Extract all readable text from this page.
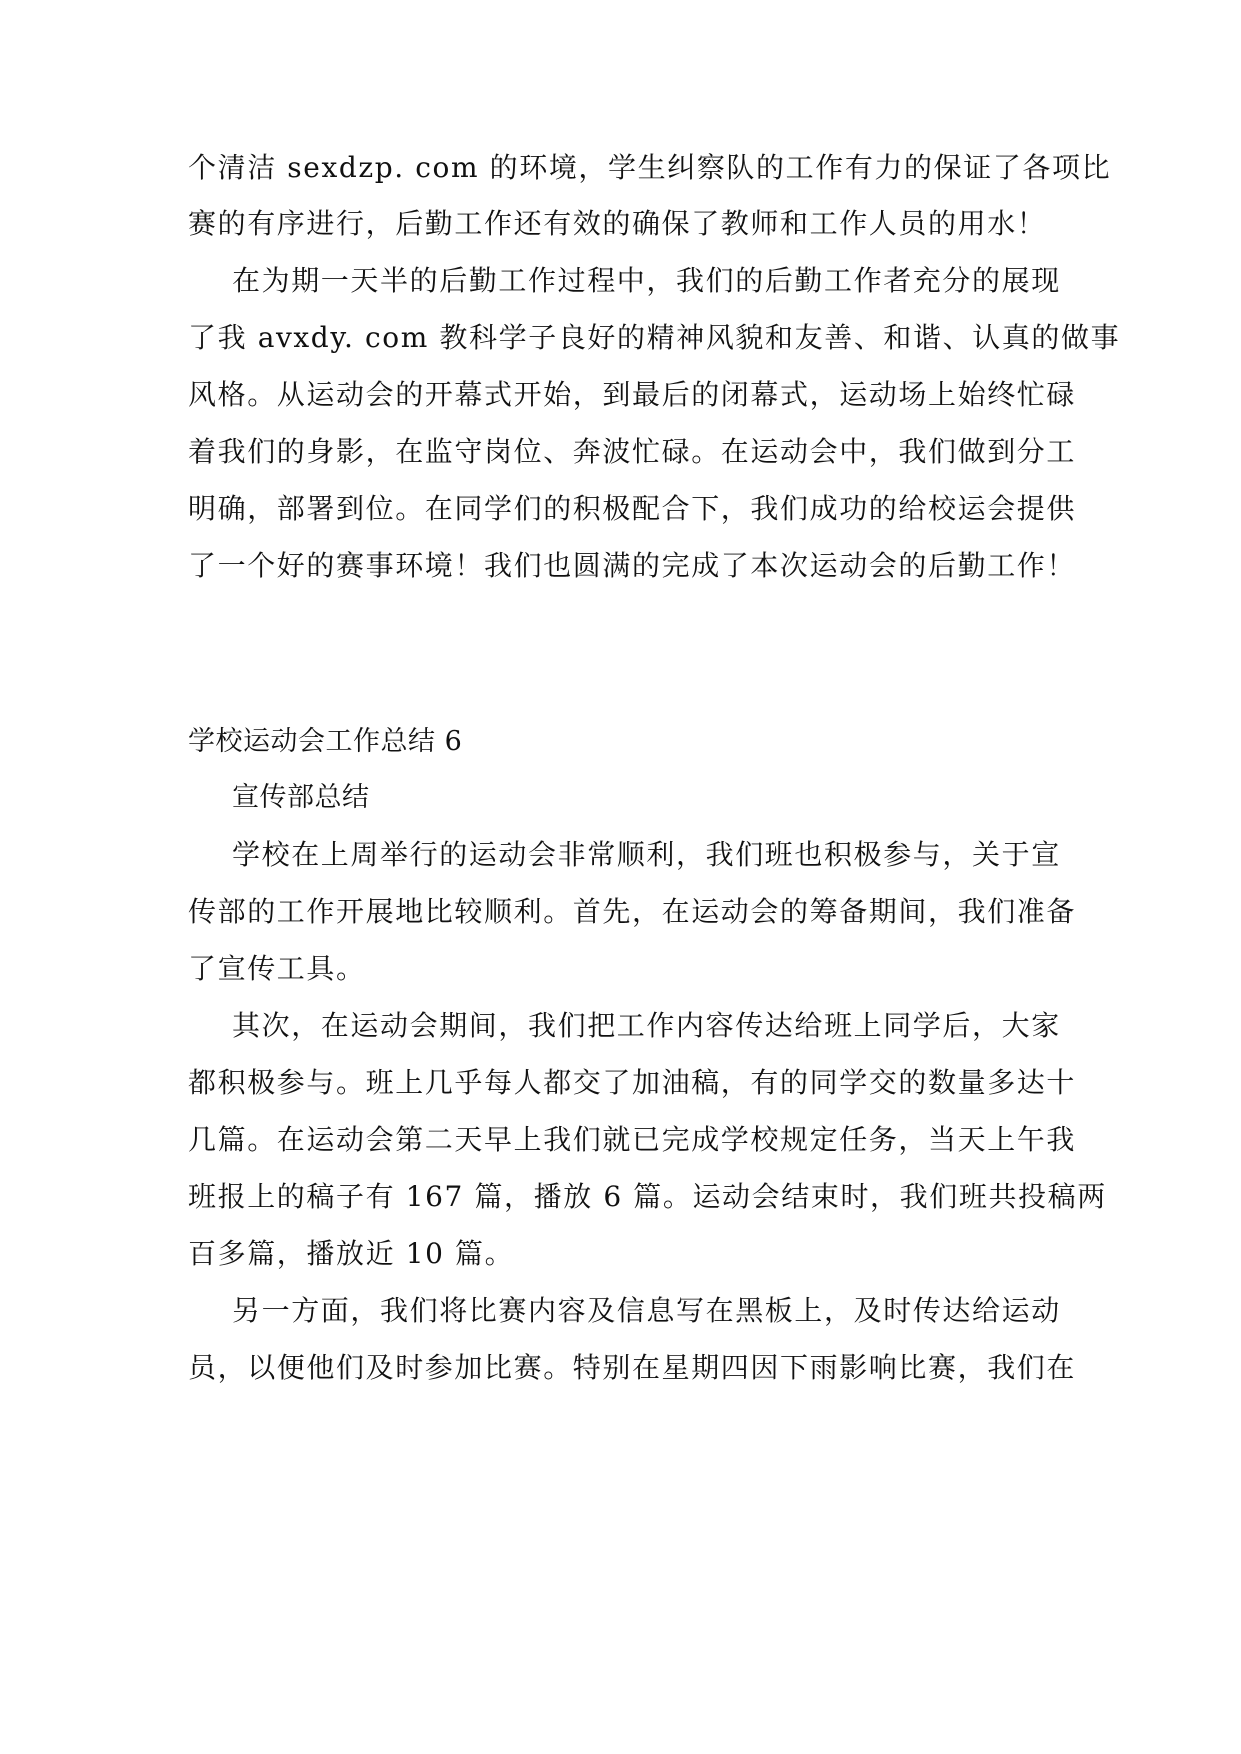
个清洁 sexdzp. com 的环境，学生纠察队的工作有力的保证了各项比
赛的有序进行，后勤工作还有效的确保了教师和工作人员的用水！
在为期一天半的后勤工作过程中，我们的后勤工作者充分的展现
了我 avxdy. com 教科学子良好的精神风貌和友善、和谐、认真的做事
风格。从运动会的开幕式开始，到最后的闭幕式，运动场上始终忙碌
着我们的身影，在监守岗位、奔波忙碌。在运动会中，我们做到分工
明确，部署到位。在同学们的积极配合下，我们成功的给校运会提供
了一个好的赛事环境！我们也圆满的完成了本次运动会的后勤工作！
学校运动会工作总结 6
宣传部总结
学校在上周举行的运动会非常顺利，我们班也积极参与，关于宣
传部的工作开展地比较顺利。首先，在运动会的筹备期间，我们准备
了宣传工具。
其次，在运动会期间，我们把工作内容传达给班上同学后，大家
都积极参与。班上几乎每人都交了加油稿，有的同学交的数量多达十
几篇。在运动会第二天早上我们就已完成学校规定任务，当天上午我
班报上的稿子有 167 篇，播放 6 篇。运动会结束时，我们班共投稿两
百多篇，播放近 10 篇。
另一方面，我们将比赛内容及信息写在黑板上，及时传达给运动
员，以便他们及时参加比赛。特别在星期四因下雨影响比赛，我们在
